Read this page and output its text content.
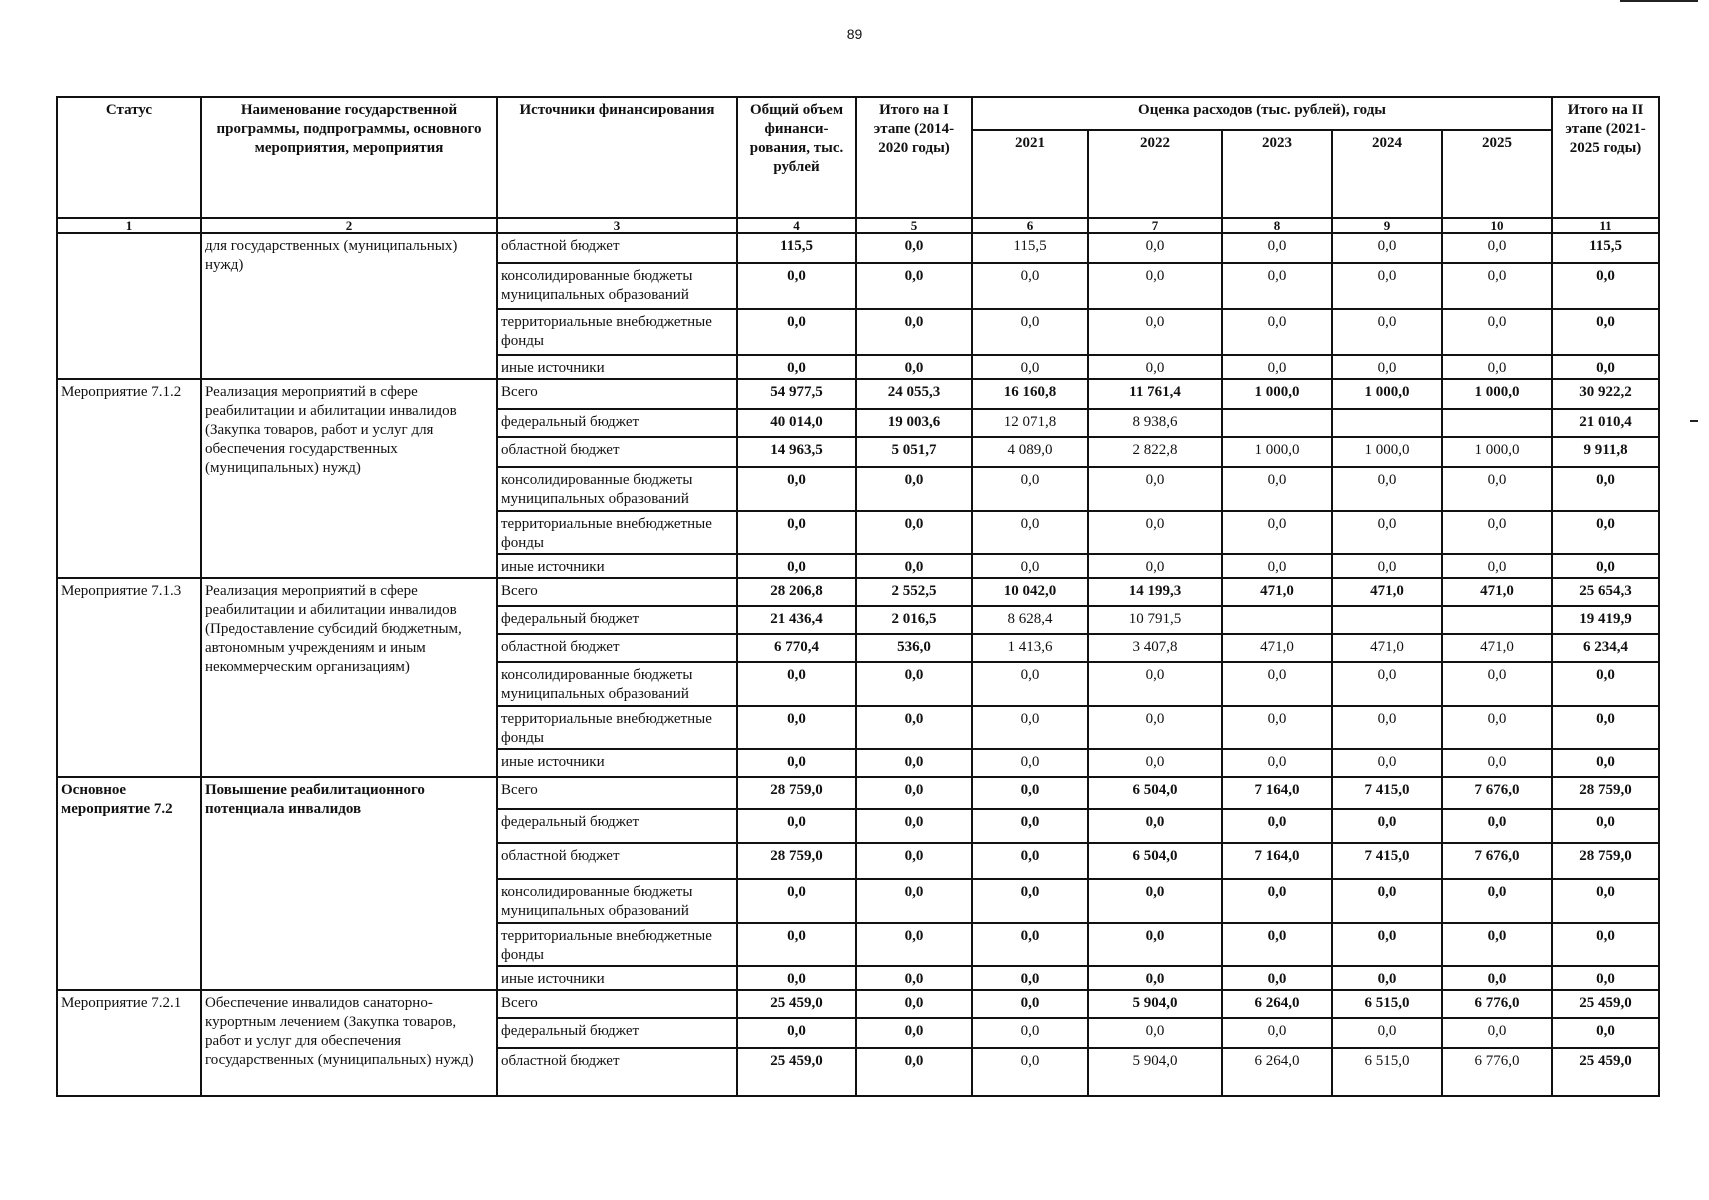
89
Статус	Наименование государственной программы, подпрограммы, основного мероприятия, мероприятия	Источники финансирования	Общий объем финанси- рования, тыс. рублей	Итого на I этапе (2014- 2020 годы)	Оценка расходов (тыс. рублей), годы					Итого на II этапе (2021- 2025 годы)
					2021	2022	2023	2024	2025	
1	2	3	4	5	6	7	8	9	10	11
	для государственных (муниципальных) нужд)	областной бюджет	115,5	0,0	115,5	0,0	0,0	0,0	0,0	115,5
		консолидированные бюджеты муниципальных образований	0,0	0,0	0,0	0,0	0,0	0,0	0,0	0,0
		территориальные внебюджетные фонды	0,0	0,0	0,0	0,0	0,0	0,0	0,0	0,0
		иные источники	0,0	0,0	0,0	0,0	0,0	0,0	0,0	0,0
Мероприятие 7.1.2	Реализация мероприятий в сфере реабилитации и абилитации инвалидов (Закупка товаров, работ и услуг для обеспечения государственных (муниципальных) нужд)	Всего	54 977,5	24 055,3	16 160,8	11 761,4	1 000,0	1 000,0	1 000,0	30 922,2
		федеральный бюджет	40 014,0	19 003,6	12 071,8	8 938,6				21 010,4
		областной бюджет	14 963,5	5 051,7	4 089,0	2 822,8	1 000,0	1 000,0	1 000,0	9 911,8
		консолидированные бюджеты муниципальных образований	0,0	0,0	0,0	0,0	0,0	0,0	0,0	0,0
		территориальные внебюджетные фонды	0,0	0,0	0,0	0,0	0,0	0,0	0,0	0,0
		иные источники	0,0	0,0	0,0	0,0	0,0	0,0	0,0	0,0
Мероприятие 7.1.3	Реализация мероприятий в сфере реабилитации и абилитации инвалидов (Предоставление субсидий бюджетным, автономным учреждениям и иным некоммерческим организациям)	Всего	28 206,8	2 552,5	10 042,0	14 199,3	471,0	471,0	471,0	25 654,3
		федеральный бюджет	21 436,4	2 016,5	8 628,4	10 791,5				19 419,9
		областной бюджет	6 770,4	536,0	1 413,6	3 407,8	471,0	471,0	471,0	6 234,4
		консолидированные бюджеты муниципальных образований	0,0	0,0	0,0	0,0	0,0	0,0	0,0	0,0
		территориальные внебюджетные фонды	0,0	0,0	0,0	0,0	0,0	0,0	0,0	0,0
		иные источники	0,0	0,0	0,0	0,0	0,0	0,0	0,0	0,0
Основное мероприятие 7.2	Повышение реабилитационного потенциала инвалидов	Всего	28 759,0	0,0	0,0	6 504,0	7 164,0	7 415,0	7 676,0	28 759,0
		федеральный бюджет	0,0	0,0	0,0	0,0	0,0	0,0	0,0	0,0
		областной бюджет	28 759,0	0,0	0,0	6 504,0	7 164,0	7 415,0	7 676,0	28 759,0
		консолидированные бюджеты муниципальных образований	0,0	0,0	0,0	0,0	0,0	0,0	0,0	0,0
		территориальные внебюджетные фонды	0,0	0,0	0,0	0,0	0,0	0,0	0,0	0,0
		иные источники	0,0	0,0	0,0	0,0	0,0	0,0	0,0	0,0
Мероприятие 7.2.1	Обеспечение инвалидов санаторно-курортным лечением (Закупка товаров, работ и услуг для обеспечения государственных (муниципальных) нужд)	Всего	25 459,0	0,0	0,0	5 904,0	6 264,0	6 515,0	6 776,0	25 459,0
		федеральный бюджет	0,0	0,0	0,0	0,0	0,0	0,0	0,0	0,0
		областной бюджет	25 459,0	0,0	0,0	5 904,0	6 264,0	6 515,0	6 776,0	25 459,0
